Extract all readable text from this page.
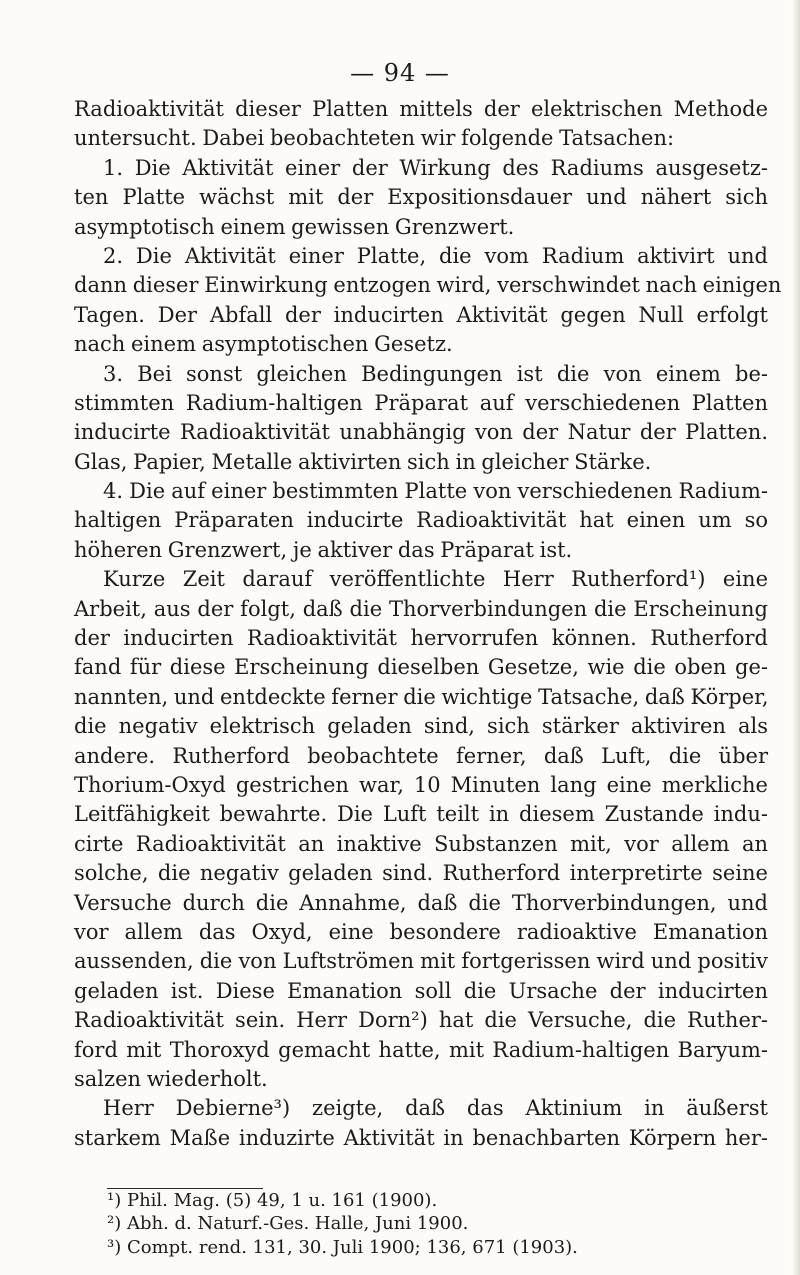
— 94 —
Radioaktivität dieser Platten mittels der elektrischen Methode
untersucht. Dabei beobachteten wir folgende Tatsachen:
1. Die Aktivität einer der Wirkung des Radiums ausgesetz-
ten Platte wächst mit der Expositionsdauer und nähert sich
asymptotisch einem gewissen Grenzwert.
2. Die Aktivität einer Platte, die vom Radium aktivirt und
dann dieser Einwirkung entzogen wird, verschwindet nach einigen
Tagen. Der Abfall der inducirten Aktivität gegen Null erfolgt
nach einem asymptotischen Gesetz.
3. Bei sonst gleichen Bedingungen ist die von einem be-
stimmten Radium-haltigen Präparat auf verschiedenen Platten
inducirte Radioaktivität unabhängig von der Natur der Platten.
Glas, Papier, Metalle aktivirten sich in gleicher Stärke.
4. Die auf einer bestimmten Platte von verschiedenen Radium-
haltigen Präparaten inducirte Radioaktivität hat einen um so
höheren Grenzwert, je aktiver das Präparat ist.
Kurze Zeit darauf veröffentlichte Herr Rutherford¹) eine
Arbeit, aus der folgt, daß die Thorverbindungen die Erscheinung
der inducirten Radioaktivität hervorrufen können. Rutherford
fand für diese Erscheinung dieselben Gesetze, wie die oben ge-
nannten, und entdeckte ferner die wichtige Tatsache, daß Körper,
die negativ elektrisch geladen sind, sich stärker aktiviren als
andere. Rutherford beobachtete ferner, daß Luft, die über
Thorium-Oxyd gestrichen war, 10 Minuten lang eine merkliche
Leitfähigkeit bewahrte. Die Luft teilt in diesem Zustande indu-
cirte Radioaktivität an inaktive Substanzen mit, vor allem an
solche, die negativ geladen sind. Rutherford interpretirte seine
Versuche durch die Annahme, daß die Thorverbindungen, und
vor allem das Oxyd, eine besondere radioaktive Emanation
aussenden, die von Luftströmen mit fortgerissen wird und positiv
geladen ist. Diese Emanation soll die Ursache der inducirten
Radioaktivität sein. Herr Dorn²) hat die Versuche, die Ruther-
ford mit Thoroxyd gemacht hatte, mit Radium-haltigen Baryum-
salzen wiederholt.
Herr Debierne³) zeigte, daß das Aktinium in äußerst
starkem Maße induzirte Aktivität in benachbarten Körpern her-
¹) Phil. Mag. (5) 49, 1 u. 161 (1900).
²) Abh. d. Naturf.-Ges. Halle, Juni 1900.
³) Compt. rend. 131, 30. Juli 1900; 136, 671 (1903).
